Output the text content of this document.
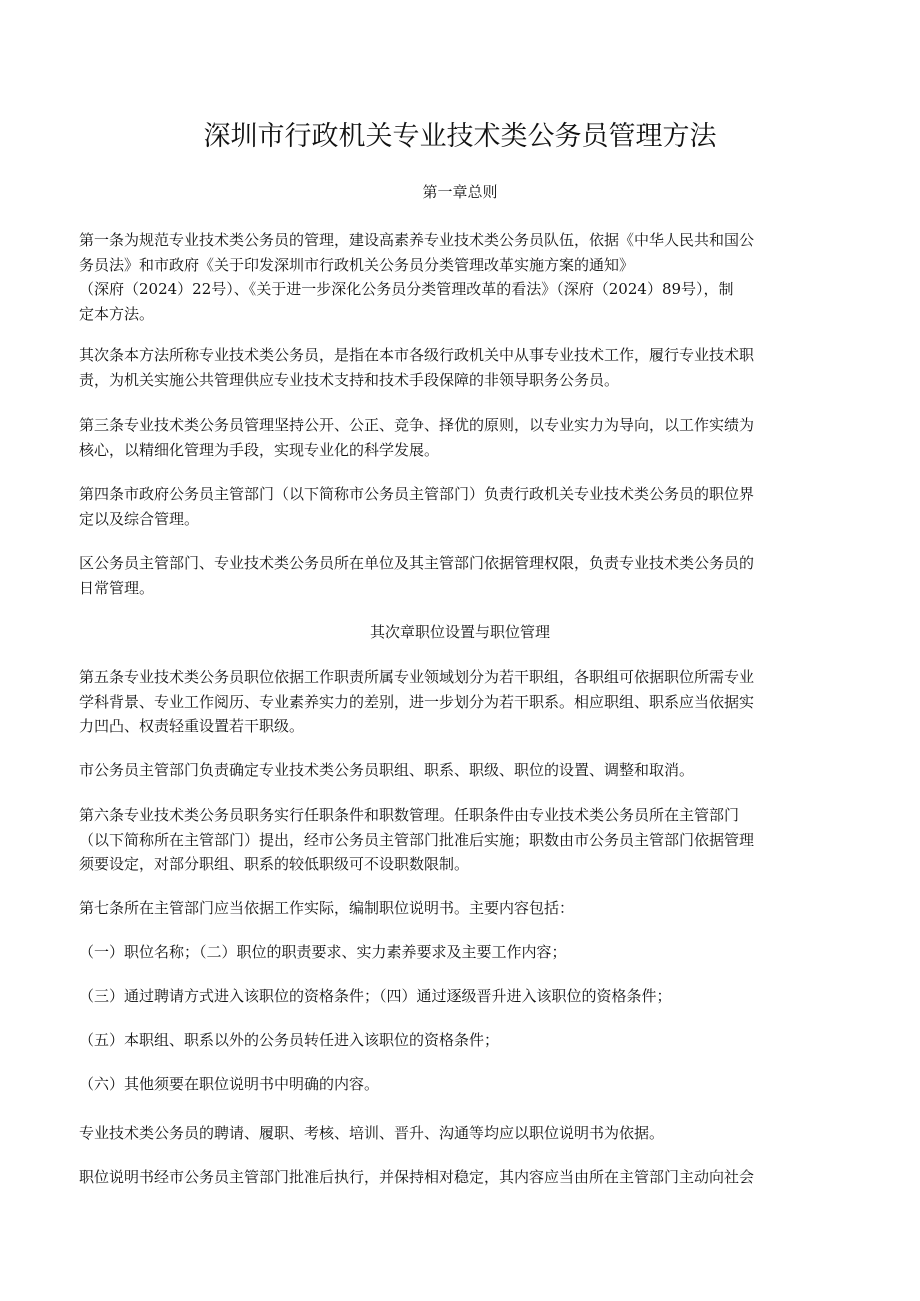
深圳市行政机关专业技术类公务员管理方法

第一章总则

第一条为规范专业技术类公务员的管理，建设高素养专业技术类公务员队伍，依据《中华人民共和国公
务员法》和市政府《关于印发深圳市行政机关公务员分类管理改革实施方案的通知》
（深府（2024）22号）、《关于进一步深化公务员分类管理改革的看法》（深府（2024）89号），制
定本方法。

其次条本方法所称专业技术类公务员，是指在本市各级行政机关中从事专业技术工作，履行专业技术职
责，为机关实施公共管理供应专业技术支持和技术手段保障的非领导职务公务员。

第三条专业技术类公务员管理坚持公开、公正、竞争、择优的原则，以专业实力为导向，以工作实绩为
核心，以精细化管理为手段，实现专业化的科学发展。

第四条市政府公务员主管部门（以下简称市公务员主管部门）负责行政机关专业技术类公务员的职位界
定以及综合管理。

区公务员主管部门、专业技术类公务员所在单位及其主管部门依据管理权限，负责专业技术类公务员的
日常管理。

其次章职位设置与职位管理

第五条专业技术类公务员职位依据工作职责所属专业领域划分为若干职组，各职组可依据职位所需专业
学科背景、专业工作阅历、专业素养实力的差别，进一步划分为若干职系。相应职组、职系应当依据实
力凹凸、权责轻重设置若干职级。

市公务员主管部门负责确定专业技术类公务员职组、职系、职级、职位的设置、调整和取消。

第六条专业技术类公务员职务实行任职条件和职数管理。任职条件由专业技术类公务员所在主管部门
（以下简称所在主管部门）提出，经市公务员主管部门批准后实施；职数由市公务员主管部门依据管理
须要设定，对部分职组、职系的较低职级可不设职数限制。

第七条所在主管部门应当依据工作实际，编制职位说明书。主要内容包括：

（一）职位名称；（二）职位的职责要求、实力素养要求及主要工作内容；

（三）通过聘请方式进入该职位的资格条件；（四）通过逐级晋升进入该职位的资格条件；

（五）本职组、职系以外的公务员转任进入该职位的资格条件；

（六）其他须要在职位说明书中明确的内容。

专业技术类公务员的聘请、履职、考核、培训、晋升、沟通等均应以职位说明书为依据。

职位说明书经市公务员主管部门批准后执行，并保持相对稳定，其内容应当由所在主管部门主动向社会
